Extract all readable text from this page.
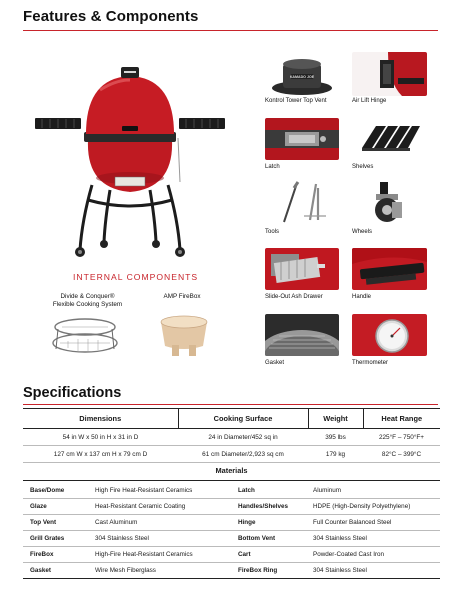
Features & Components
INTERNAL COMPONENTS
Divide & Conquer®
Flexible Cooking System
AMP FireBox
KAMADO JOE
Kontrol Tower Top Vent	Air Lift Hinge
Latch	Shelves
Tools	Wheels
Slide-Out Ash Drawer	Handle
Gasket	Thermometer
Specifications
Dimensions	Cooking Surface	Weight	Heat Range
54 in W x 50 in H x 31 in D	24 in Diameter/452 sq in	395 lbs	225°F – 750°F+
127 cm W x 137 cm H x 79 cm D	61 cm Diameter/2,923 sq cm	179 kg	82°C – 399°C
Materials
Base/Dome	High Fire Heat-Resistant Ceramics	Latch	Aluminum
Glaze	Heat-Resistant Ceramic Coating	Handles/Shelves	HDPE (High-Density Polyethylene)
Top Vent	Cast Aluminum	Hinge	Full Counter Balanced Steel
Grill Grates	304 Stainless Steel	Bottom Vent	304 Stainless Steel
FireBox	High-Fire Heat-Resistant Ceramics	Cart	Powder-Coated Cast Iron
Gasket	Wire Mesh Fiberglass	FireBox Ring	304 Stainless Steel
